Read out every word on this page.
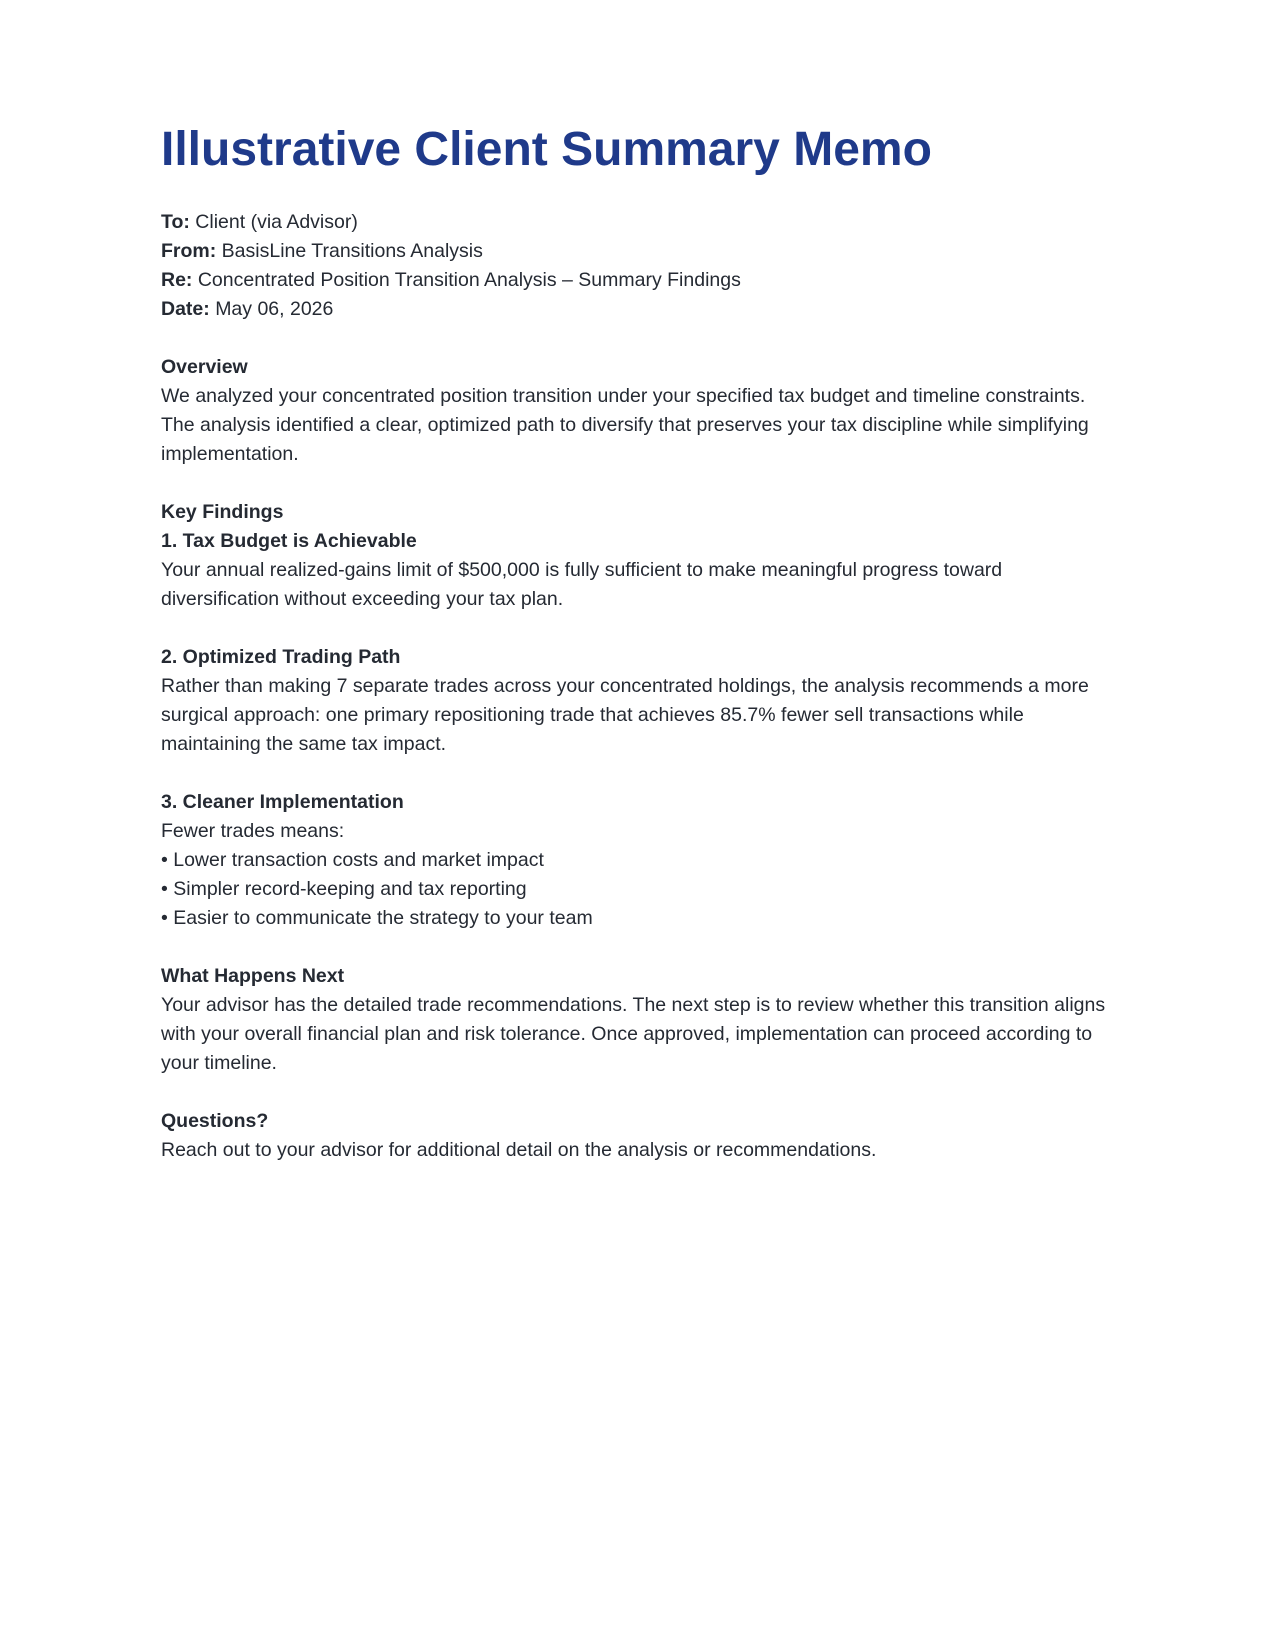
Illustrative Client Summary Memo

To: Client (via Advisor)

From: BasisLine Transitions Analysis

Re: Concentrated Position Transition Analysis – Summary Findings

Date: May 06, 2026

Overview

We analyzed your concentrated position transition under your specified tax budget and timeline constraints. The analysis identified a clear, optimized path to diversify that preserves your tax discipline while simplifying implementation.

Key Findings

1. Tax Budget is Achievable

Your annual realized-gains limit of $500,000 is fully sufficient to make meaningful progress toward diversification without exceeding your tax plan.

2. Optimized Trading Path

Rather than making 7 separate trades across your concentrated holdings, the analysis recommends a more surgical approach: one primary repositioning trade that achieves 85.7% fewer sell transactions while maintaining the same tax impact.

3. Cleaner Implementation

Fewer trades means:

• Lower transaction costs and market impact

• Simpler record-keeping and tax reporting

• Easier to communicate the strategy to your team

What Happens Next

Your advisor has the detailed trade recommendations. The next step is to review whether this transition aligns with your overall financial plan and risk tolerance. Once approved, implementation can proceed according to your timeline.

Questions?

Reach out to your advisor for additional detail on the analysis or recommendations.
